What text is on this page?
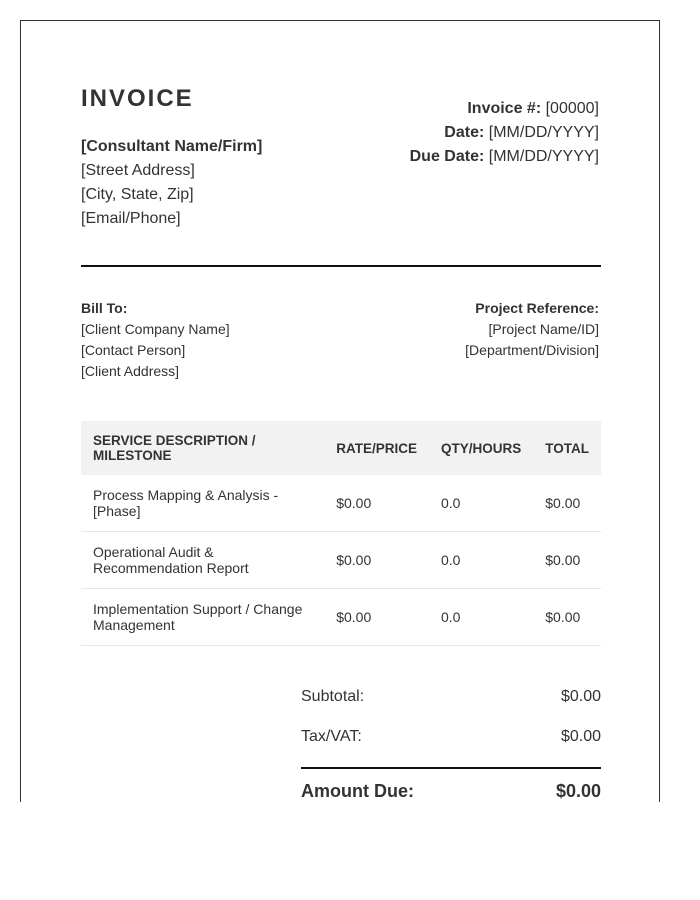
INVOICE
[Consultant Name/Firm]
[Street Address]
[City, State, Zip]
[Email/Phone]
Invoice #: [00000]
Date: [MM/DD/YYYY]
Due Date: [MM/DD/YYYY]
Bill To:
[Client Company Name]
[Contact Person]
[Client Address]
Project Reference:
[Project Name/ID]
[Department/Division]
SERVICE DESCRIPTION / MILESTONE	RATE/PRICE	QTY/HOURS	TOTAL
Process Mapping & Analysis - [Phase]	$0.00	0.0	$0.00
Operational Audit & Recommendation Report	$0.00	0.0	$0.00
Implementation Support / Change Management	$0.00	0.0	$0.00
Subtotal:	$0.00
Tax/VAT:	$0.00
Amount Due:	$0.00
